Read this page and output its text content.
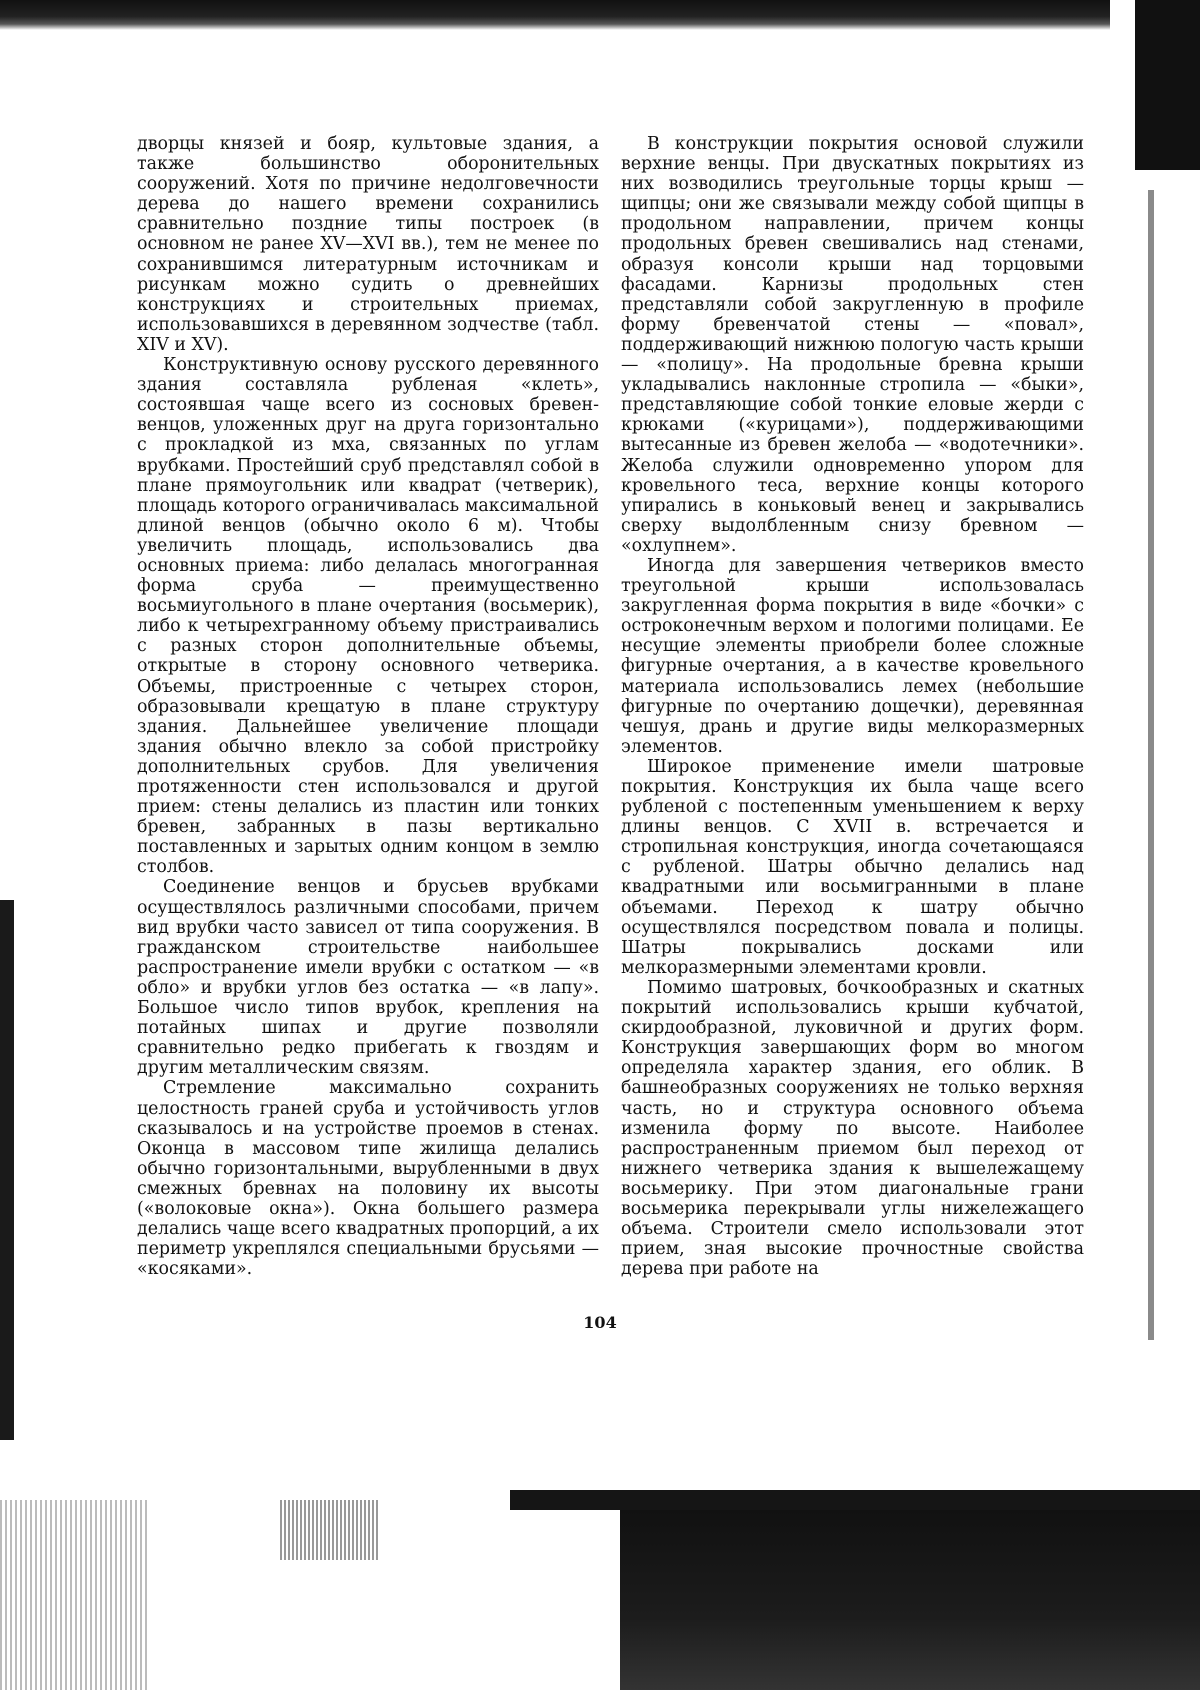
дворцы князей и бояр, культовые здания, а также большинство оборонительных сооружений. Хотя по причине недолговечности дерева до нашего времени сохранились сравнительно поздние типы построек (в основном не ранее XV—XVI вв.), тем не менее по сохранившимся литературным источникам и рисункам можно судить о древнейших конструкциях и строительных приемах, использовавшихся в деревянном зодчестве (табл. XIV и XV).

Конструктивную основу русского деревянного здания составляла рубленая «клеть», состоявшая чаще всего из сосновых бревен-венцов, уложенных друг на друга горизонтально с прокладкой из мха, связанных по углам врубками. Простейший сруб представлял собой в плане прямоугольник или квадрат (четверик), площадь которого ограничивалась максимальной длиной венцов (обычно около 6 м). Чтобы увеличить площадь, использовались два основных приема: либо делалась многогранная форма сруба — преимущественно восьмиугольного в плане очертания (восьмерик), либо к четырехгранному объему пристраивались с разных сторон дополнительные объемы, открытые в сторону основного четверика. Объемы, пристроенные с четырех сторон, образовывали крещатую в плане структуру здания. Дальнейшее увеличение площади здания обычно влекло за собой пристройку дополнительных срубов. Для увеличения протяженности стен использовался и другой прием: стены делались из пластин или тонких бревен, забранных в пазы вертикально поставленных и зарытых одним концом в землю столбов.

Соединение венцов и брусьев врубками осуществлялось различными способами, причем вид врубки часто зависел от типа сооружения. В гражданском строительстве наибольшее распространение имели врубки с остатком — «в обло» и врубки углов без остатка — «в лапу». Большое число типов врубок, крепления на потайных шипах и другие позволяли сравнительно редко прибегать к гвоздям и другим металлическим связям.

Стремление максимально сохранить целостность граней сруба и устойчивость углов сказывалось и на устройстве проемов в стенах. Оконца в массовом типе жилища делались обычно горизонтальными, вырубленными в двух смежных бревнах на половину их высоты («волоковые окна»). Окна большего размера делались чаще всего квадратных пропорций, а их периметр укреплялся специальными брусьями — «косяками».

В конструкции покрытия основой служили верхние венцы. При двускатных покрытиях из них возводились треугольные торцы крыш — щипцы; они же связывали между собой щипцы в продольном направлении, причем концы продольных бревен свешивались над стенами, образуя консоли крыши над торцовыми фасадами. Карнизы продольных стен представляли собой закругленную в профиле форму бревенчатой стены — «повал», поддерживающий нижнюю пологую часть крыши — «полицу». На продольные бревна крыши укладывались наклонные стропила — «быки», представляющие собой тонкие еловые жерди с крюками («курицами»), поддерживающими вытесанные из бревен желоба — «водотечники». Желоба служили одновременно упором для кровельного теса, верхние концы которого упирались в коньковый венец и закрывались сверху выдолбленным снизу бревном — «охлупнем».

Иногда для завершения четвериков вместо треугольной крыши использовалась закругленная форма покрытия в виде «бочки» с остроконечным верхом и пологими полицами. Ее несущие элементы приобрели более сложные фигурные очертания, а в качестве кровельного материала использовались лемех (небольшие фигурные по очертанию дощечки), деревянная чешуя, дрань и другие виды мелкоразмерных элементов.

Широкое применение имели шатровые покрытия. Конструкция их была чаще всего рубленой с постепенным уменьшением к верху длины венцов. С XVII в. встречается и стропильная конструкция, иногда сочетающаяся с рубленой. Шатры обычно делались над квадратными или восьмигранными в плане объемами. Переход к шатру обычно осуществлялся посредством повала и полицы. Шатры покрывались досками или мелкоразмерными элементами кровли.

Помимо шатровых, бочкообразных и скатных покрытий использовались крыши кубчатой, скирдообразной, луковичной и других форм. Конструкция завершающих форм во многом определяла характер здания, его облик. В башнеобразных сооружениях не только верхняя часть, но и структура основного объема изменила форму по высоте. Наиболее распространенным приемом был переход от нижнего четверика здания к вышележащему восьмерику. При этом диагональные грани восьмерика перекрывали углы нижележащего объема. Строители смело использовали этот прием, зная высокие прочностные свойства дерева при работе на

104
